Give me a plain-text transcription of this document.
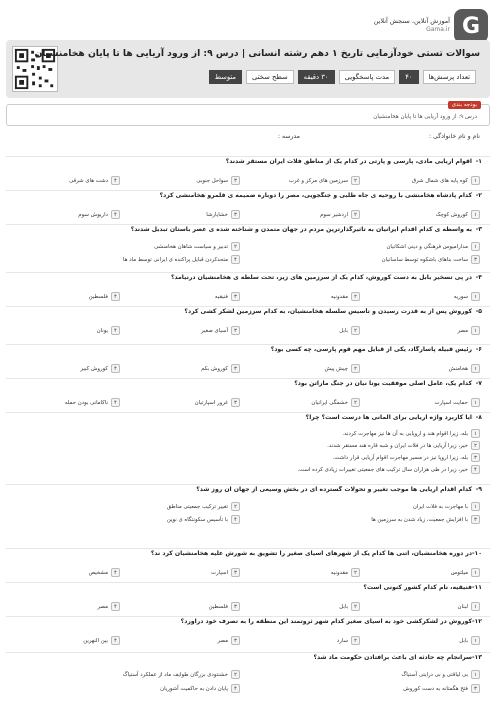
G
آموزش آنلاین، سنجش آنلاین
Gama.ir
سوالات تستی خودآزمایی تاریخ ۱ دهم رشته انسانی | درس ۹: از ورود آریایی ها تا پایان هخامنشیان
تعداد پرسش‌ها
۴۰
مدت پاسخگویی
۳۰ دقیقه
سطح سختی
متوسط
بودجه بندی
درس ۹: از ورود آریایی ها تا پایان هخامنشیان
نام و نام خانوادگی :
مدرسه :
۱-اقوام آریایی مادی، پارسی و پارتی در کدام یک از مناطق فلات ایران مستقر شدند؟
۱کوه پایه های شمال شرق
۲سرزمین های مرکز و غرب
۳سواحل جنوبی
۴دشت های شرقی
۲-کدام پادشاه هخامنشی با روحیه ی جاه طلبی و جنگجویی، مصر را دوباره ضمیمه ی قلمرو هخامنشی کرد؟
۱کوروش کوچک
۲اردشیر سوم
۳خشایارشا
۴داریوش سوم
۳-به واسطه ی کدام اقدام ایرانیان به تاثیرگذارترین مردم در جهان متمدن و شناخته شده ی عصر باستان تبدیل شدند؟
۱مدارامیوس فرهنگی و دینی اشکانیان
۲تدبیر و سیاست شاهان هخامنشی
۳ساخت بناهای باشکوه توسط ساسانیان
۴متحدکردن قبایل پراکنده ی ایرانی توسط ماد ها
۴-در پی تسخیر بابل به دست کوروش، کدام یک از سرزمین های زیر، تحت سلطه ی هخامنشیان درنیامد؟
۱سوریه
۲مقدونیه
۳فنیقیه
۴فلسطین
۵-کوروش پس از به قدرت رسیدن و تأسیس سلسله هخامنشیان، به کدام سرزمین لشکر کشی کرد؟
۱مصر
۲بابل
۳آسیای صغیر
۴یونان
۶-رئیس قبیله پاسارگاد، یکی از قبایل مهم قوم پارسی، چه کسی بود؟
۱هخامنش
۲چیش پیش
۳کوروش بکم
۴کوروش کبیر
۷-کدام یک، عامل اصلی موفقیت یونا نیان در جنگ ماراتن بود؟
۱حمایت اسپارت
۲خشمگی ایرانیان
۳غرور اسپارتیان
۴ناکامانی بودن حمله
۸-آیا کاربرد واژه آریایی برای آلمانی ها درست است؟ چرا؟
۱بله، زیرا اقوام هند و اروپایی به آن ها نیز مهاجرت کردند.
۲خیر، زیرا آریایی ها در فلات ایران و شبه قاره هند مستقر شدند.
۳بله، زیرا اروپا نیز در مسیر مهاجرت اقوام آریایی قرار داشت.
۴خیر، زیرا در طی هزاران سال ترکیب های جمعیتی تغییرات زیادی کرده است.
۹-کدام اقدام آریایی ها موجب تغییر و تحولات گسترده ای در بخش وسیعی از جهان آن روز شد؟
۱با مهاجرت به فلات ایران
۲تغییر ترکیب جمعیتی مناطق
۳با افزایش جمعیت، زیاد شدن به سرزمین ها
۴با تأسیس سکونتگاه ی نوین
۱۰-در دوره هخامنشیان، اتنی ها کدام یک از شهرهای آسیای صغیر را تشویق به شورش علیه هخامنشیان کرد ند؟
۱میلتوس
۲مقدونیه
۳اسپارت
۴مشخیص
۱۱-فنیقیه، نام کدام کشور کنونی است؟
۱لبنان
۲بابل
۳فلسطین
۴مصر
۱۲-کوروش در لشکرکشی خود به آسیای صغیر کدام شهر ثروتمند این منطقه را به تصرف خود درآورد؟
۱بابل
۲سارد
۳مصر
۴بین النهرین
۱۳-سرانجام چه حادثه ای باعث برافتادن حکومت ماد شد؟
۱بی لیاقتی و بی درایتی آستیاگ
۲خشنتودی بزرگان طوایف ماد از عملکرد آستیاگ
۳فتح هگمتانه به دست کوروش
۴پایان دادن به حاکمیت آشوریان
